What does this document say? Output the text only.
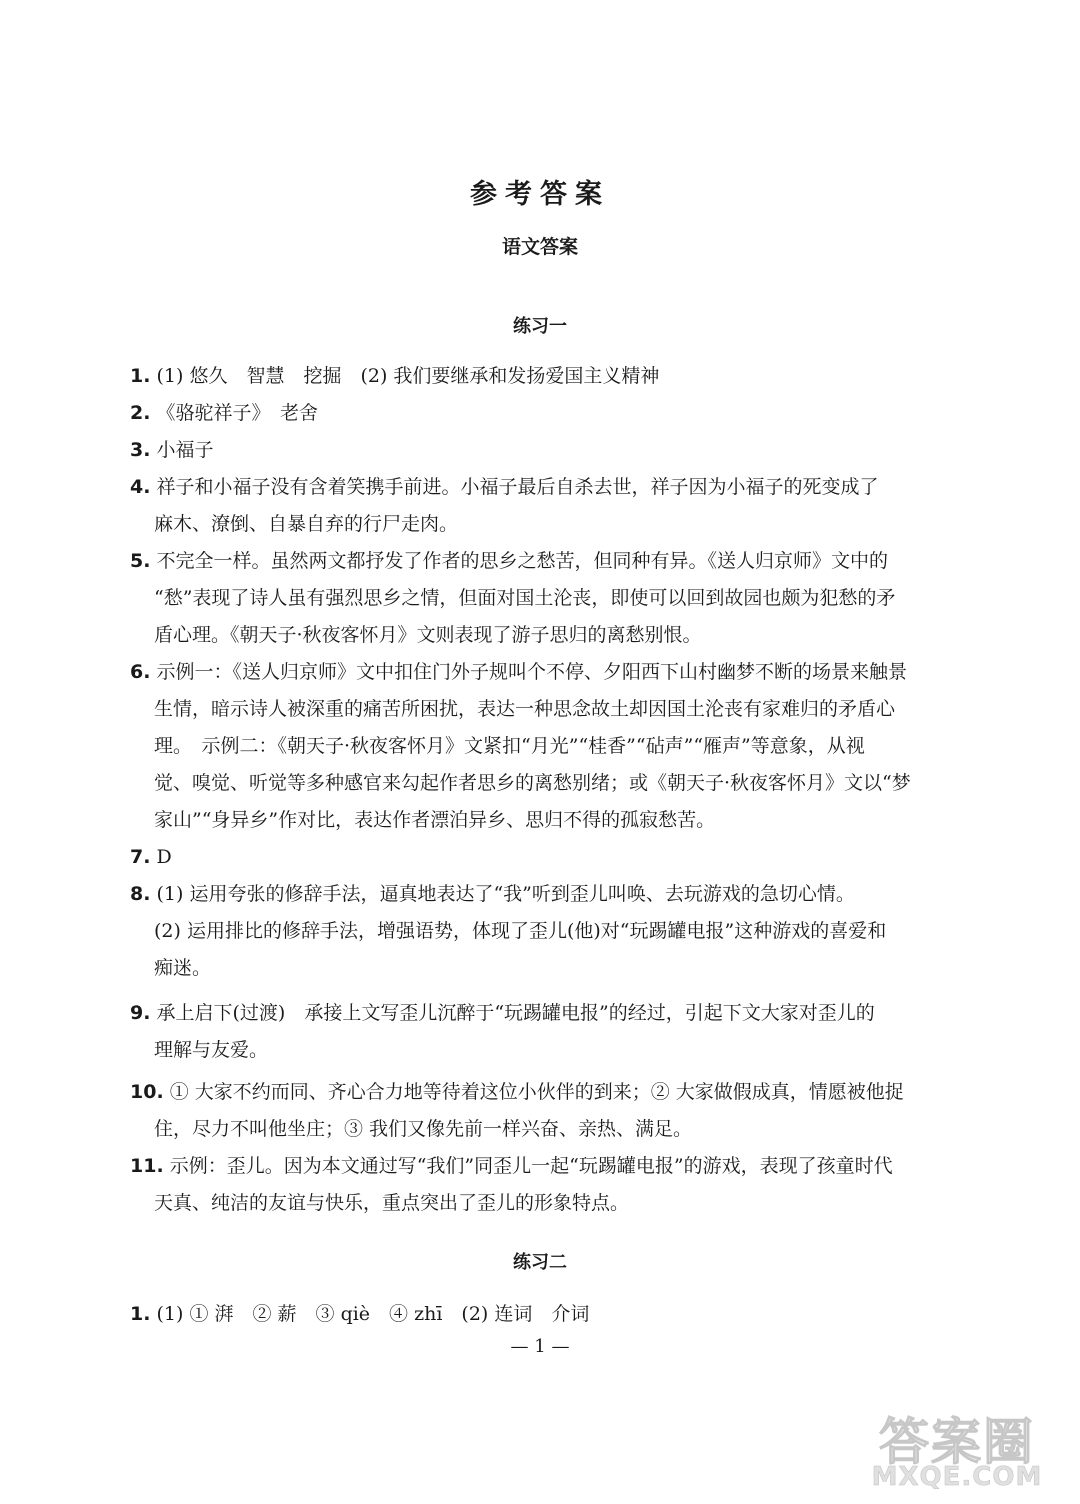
参考答案
语文答案
练习一
1. (1) 悠久　智慧　挖掘　(2) 我们要继承和发扬爱国主义精神
2. 《骆驼祥子》　老舍
3. 小福子
4. 祥子和小福子没有含着笑携手前进。小福子最后自杀去世，祥子因为小福子的死变成了
麻木、潦倒、自暴自弃的行尸走肉。
5. 不完全一样。虽然两文都抒发了作者的思乡之愁苦，但同种有异。《送人归京师》文中的
“愁”表现了诗人虽有强烈思乡之情，但面对国土沦丧，即使可以回到故园也颇为犯愁的矛
盾心理。《朝天子·秋夜客怀月》文则表现了游子思归的离愁别恨。
6. 示例一：《送人归京师》文中扣住门外子规叫个不停、夕阳西下山村幽梦不断的场景来触景
生情，暗示诗人被深重的痛苦所困扰，表达一种思念故土却因国土沦丧有家难归的矛盾心
理。　示例二：《朝天子·秋夜客怀月》文紧扣“月光”“桂香”“砧声”“雁声”等意象，从视
觉、嗅觉、听觉等多种感官来勾起作者思乡的离愁别绪；或《朝天子·秋夜客怀月》文以“梦
家山”“身异乡”作对比，表达作者漂泊异乡、思归不得的孤寂愁苦。
7. D
8. (1) 运用夸张的修辞手法，逼真地表达了“我”听到歪儿叫唤、去玩游戏的急切心情。
(2) 运用排比的修辞手法，增强语势，体现了歪儿(他)对“玩踢罐电报”这种游戏的喜爱和
痴迷。
9. 承上启下(过渡)　承接上文写歪儿沉醉于“玩踢罐电报”的经过，引起下文大家对歪儿的
理解与友爱。
10. ① 大家不约而同、齐心合力地等待着这位小伙伴的到来；② 大家做假成真，情愿被他捉
住，尽力不叫他坐庄；③ 我们又像先前一样兴奋、亲热、满足。
11. 示例：歪儿。因为本文通过写“我们”同歪儿一起“玩踢罐电报”的游戏，表现了孩童时代
天真、纯洁的友谊与快乐，重点突出了歪儿的形象特点。
练习二
1. (1) ① 湃　② 薪　③ qiè　④ zhī　(2) 连词　介词
— 1 —
答案圈
MXQE.COM
